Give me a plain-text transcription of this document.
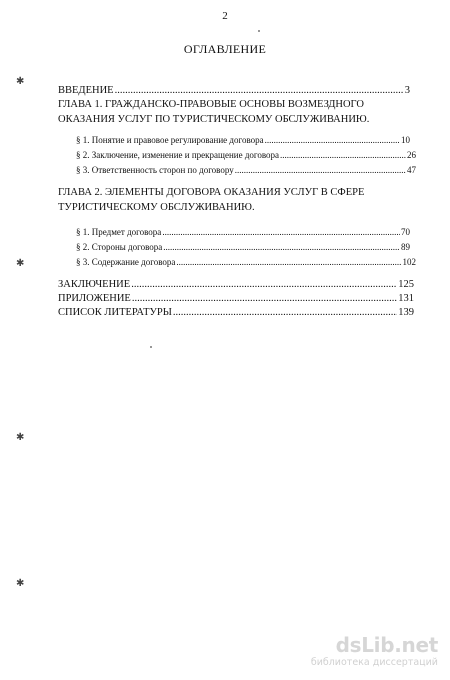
2
ОГЛАВЛЕНИЕ
✱
✱
✱
✱
ВВЕДЕНИЕ .....	3
ГЛАВА 1. ГРАЖДАНСКО-ПРАВОВЫЕ ОСНОВЫ ВОЗМЕЗДНОГО
ОКАЗАНИЯ УСЛУГ ПО ТУРИСТИЧЕСКОМУ ОБСЛУЖИВАНИЮ.
§ 1. Понятие и правовое регулирование договора .....	10
§ 2. Заключение, изменение и прекращение договора .....	26
§ 3. Ответственность сторон по договору .....	47
ГЛАВА 2. ЭЛЕМЕНТЫ ДОГОВОРА ОКАЗАНИЯ УСЛУГ В СФЕРЕ
ТУРИСТИЧЕСКОМУ ОБСЛУЖИВАНИЮ.
§ 1. Предмет договора .....	70
§ 2. Стороны договора .....	89
§ 3. Содержание договора .....	102
ЗАКЛЮЧЕНИЕ .....	125
ПРИЛОЖЕНИЕ .....	131
СПИСОК ЛИТЕРАТУРЫ .....	139
dsLib.net
библиотека диссертаций
